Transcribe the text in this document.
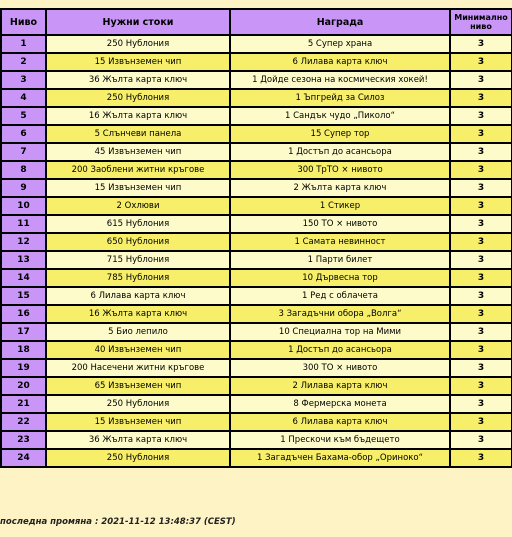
Ниво	Нужни стоки	Награда	Минимално ниво
1	250 Нублония	5 Супер храна	3
2	15 Извънземен чип	6 Лилава карта ключ	3
3	36 Жълта карта ключ	1 Дойде сезона на космическия хокей!	3
4	250 Нублония	1 Ъпгрейд за Силоз	3
5	16 Жълта карта ключ	1 Сандък чудо „Пиколо“	3
6	5 Слънчеви панела	15 Супер тор	3
7	45 Извънземен чип	1 Достъп до асансьора	3
8	200 Заоблени житни кръгове	300 ТрТО × нивото	3
9	15 Извънземен чип	2 Жълта карта ключ	3
10	2 Охлюви	1 Стикер	3
11	615 Нублония	150 ТО × нивото	3
12	650 Нублония	1 Самата невинност	3
13	715 Нублония	1 Парти билет	3
14	785 Нублония	10 Дървесна тор	3
15	6 Лилава карта ключ	1 Ред с облачета	3
16	16 Жълта карта ключ	3 Загадъчни обора „Волга“	3
17	5 Био лепило	10 Специална тор на Мими	3
18	40 Извънземен чип	1 Достъп до асансьора	3
19	200 Насечени житни кръгове	300 ТО × нивото	3
20	65 Извънземен чип	2 Лилава карта ключ	3
21	250 Нублония	8 Фермерска монета	3
22	15 Извънземен чип	6 Лилава карта ключ	3
23	36 Жълта карта ключ	1 Прескочи към бъдещето	3
24	250 Нублония	1 Загадъчен Бахама-обор „Ориноко“	3
последна промяна : 2021-11-12 13:48:37 (CEST)
